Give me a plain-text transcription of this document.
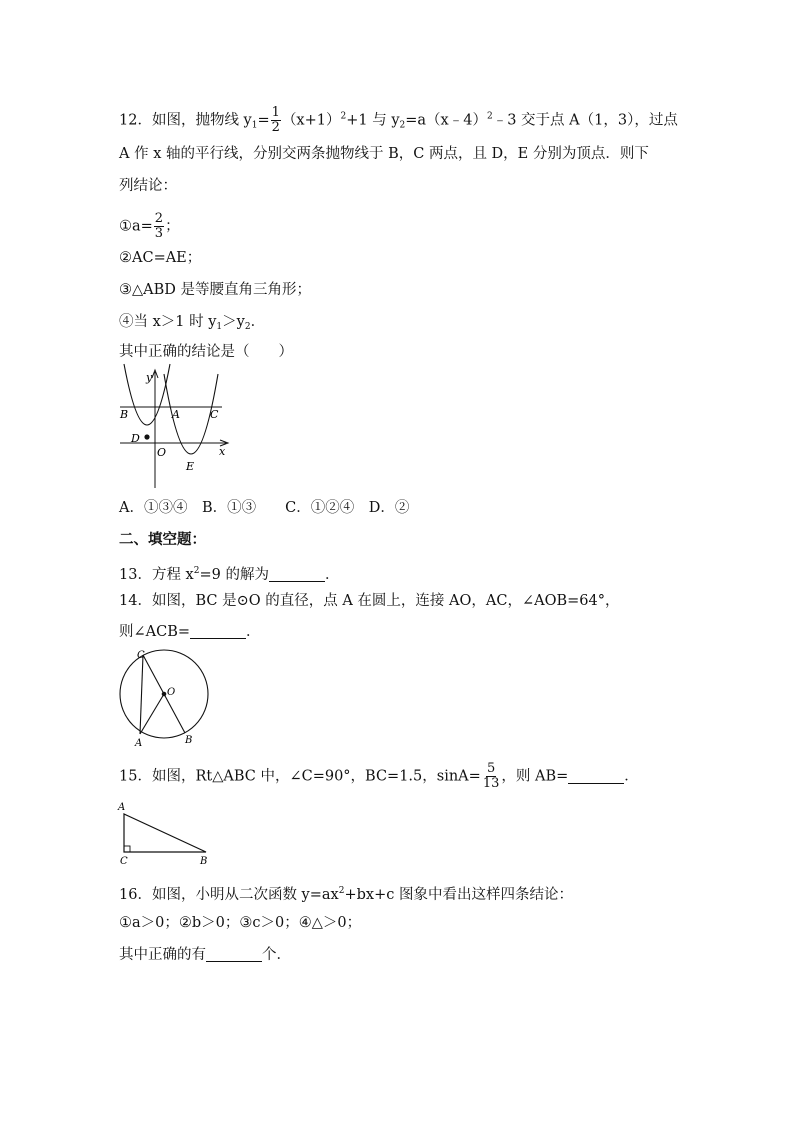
12．如图，抛物线 $y_1= \frac{1}{2} (x+1)^2+1$ 与 $y_2=a(x﹣4)^2﹣3$ 交于点 A（1，3），过点
A 作 x 轴的平行线，分别交两条抛物线于 B，C 两点，且 D，E 分别为顶点．则下
列结论：
①a= $\frac{2}{3}$ ；
②AC=AE；
③△ABD 是等腰直角三角形；
④当 x＞1 时 $y_1>y_2$．
其中正确的结论是（　　）
y
x
B	A	C
D
O
E
A．①③④　B．①③　　C．①②④　D．②
二、填空题：
13．方程 $x^2=9$ 的解为	．
14．如图，BC 是⊙O 的直径，点 A 在圆上，连接 AO，AC，∠AOB=64°，
则∠ACB=	．
C
O
A	B
15．如图，Rt△ABC 中，∠C=90°，BC=1.5，$\sin A= \frac{5}{13}$ ，则 AB=	．
A
C	B
16．如图，小明从二次函数 $y=ax^2+bx+c$ 图象中看出这样四条结论：
①a＞0；②b＞0；③c＞0；④△＞0；
其中正确的有	个．
